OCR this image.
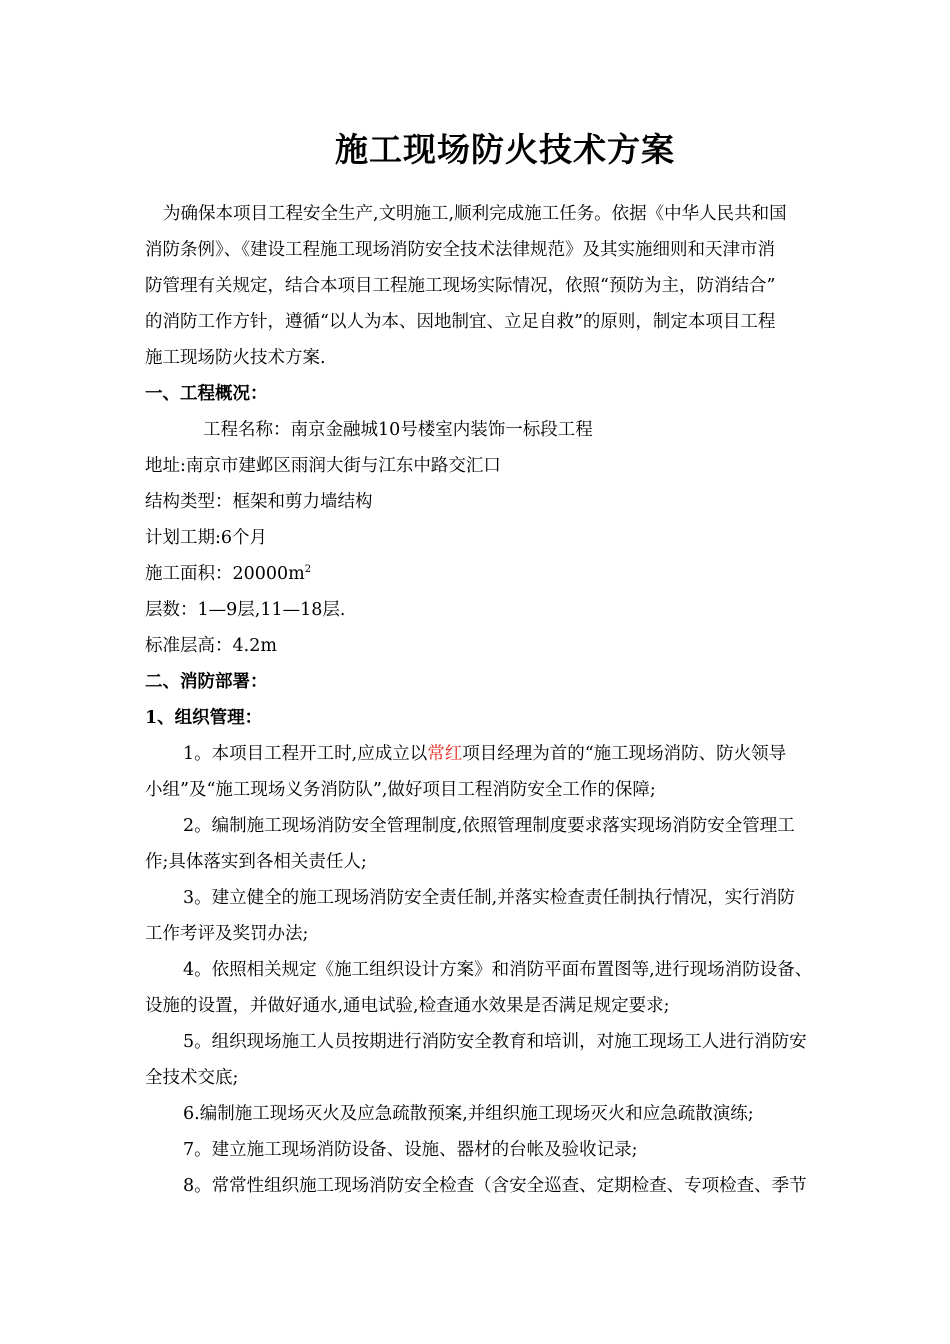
施工现场防火技术方案
为确保本项目工程安全生产,文明施工,顺利完成施工任务。依据《中华人民共和国
消防条例》、《建设工程施工现场消防安全技术法律规范》及其实施细则和天津市消
防管理有关规定，结合本项目工程施工现场实际情况，依照“预防为主，防消结合”
的消防工作方针，遵循“以人为本、因地制宜、立足自救”的原则，制定本项目工程
施工现场防火技术方案.
一、工程概况：
工程名称：南京金融城10号楼室内装饰一标段工程
地址:南京市建邺区雨润大街与江东中路交汇口
结构类型：框架和剪力墙结构
计划工期:6个月
施工面积：$20000m^2$
层数：1—9层,11—18层.
标准层高：4.2m
二、消防部署：
1、组织管理：
1。本项目工程开工时,应成立以常红项目经理为首的“施工现场消防、防火领导
小组”及“施工现场义务消防队”,做好项目工程消防安全工作的保障;
2。编制施工现场消防安全管理制度,依照管理制度要求落实现场消防安全管理工
作;具体落实到各相关责任人;
3。建立健全的施工现场消防安全责任制,并落实检查责任制执行情况，实行消防
工作考评及奖罚办法;
4。依照相关规定《施工组织设计方案》和消防平面布置图等,进行现场消防设备、
设施的设置，并做好通水,通电试验,检查通水效果是否满足规定要求;
5。组织现场施工人员按期进行消防安全教育和培训，对施工现场工人进行消防安
全技术交底;
6.编制施工现场灭火及应急疏散预案,并组织施工现场灭火和应急疏散演练;
7。建立施工现场消防设备、设施、器材的台帐及验收记录;
8。常常性组织施工现场消防安全检查（含安全巡查、定期检查、专项检查、季节
